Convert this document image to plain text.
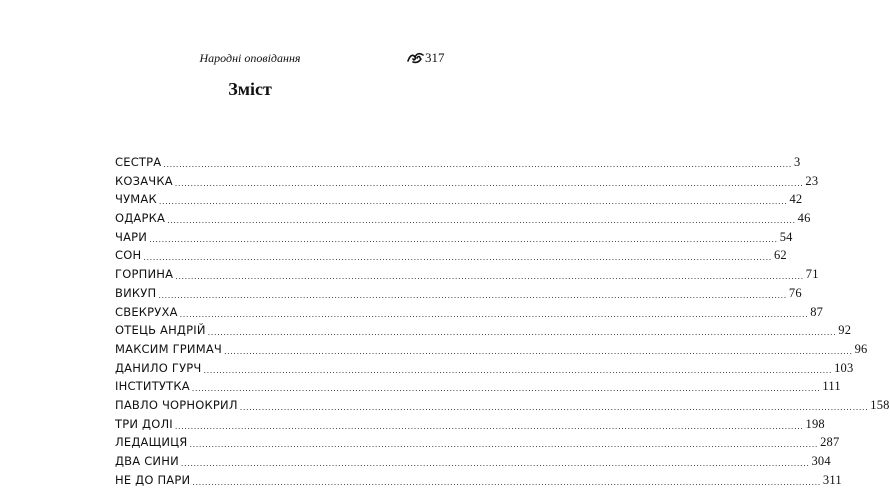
Народні оповідання	317
Зміст
СЕСТРА ........................................................................................................................................................................................................ 3
КОЗАЧКА ........................................................................................................................................................................................................ 23
ЧУМАК ........................................................................................................................................................................................................ 42
ОДАРКА ........................................................................................................................................................................................................ 46
ЧАРИ ........................................................................................................................................................................................................ 54
СОН ........................................................................................................................................................................................................ 62
ГОРПИНА ........................................................................................................................................................................................................ 71
ВИКУП ........................................................................................................................................................................................................ 76
СВЕКРУХА ........................................................................................................................................................................................................ 87
ОТЕЦЬ АНДРІЙ ........................................................................................................................................................................................................ 92
МАКСИМ ГРИМАЧ ........................................................................................................................................................................................................ 96
ДАНИЛО ГУРЧ ........................................................................................................................................................................................................ 103
ІНСТИТУТКА ........................................................................................................................................................................................................ 111
ПАВЛО ЧОРНОКРИЛ ........................................................................................................................................................................................................ 158
ТРИ ДОЛІ ........................................................................................................................................................................................................ 198
ЛЕДАЩИЦЯ ........................................................................................................................................................................................................ 287
ДВА СИНИ ........................................................................................................................................................................................................ 304
НЕ ДО ПАРИ ........................................................................................................................................................................................................ 311
